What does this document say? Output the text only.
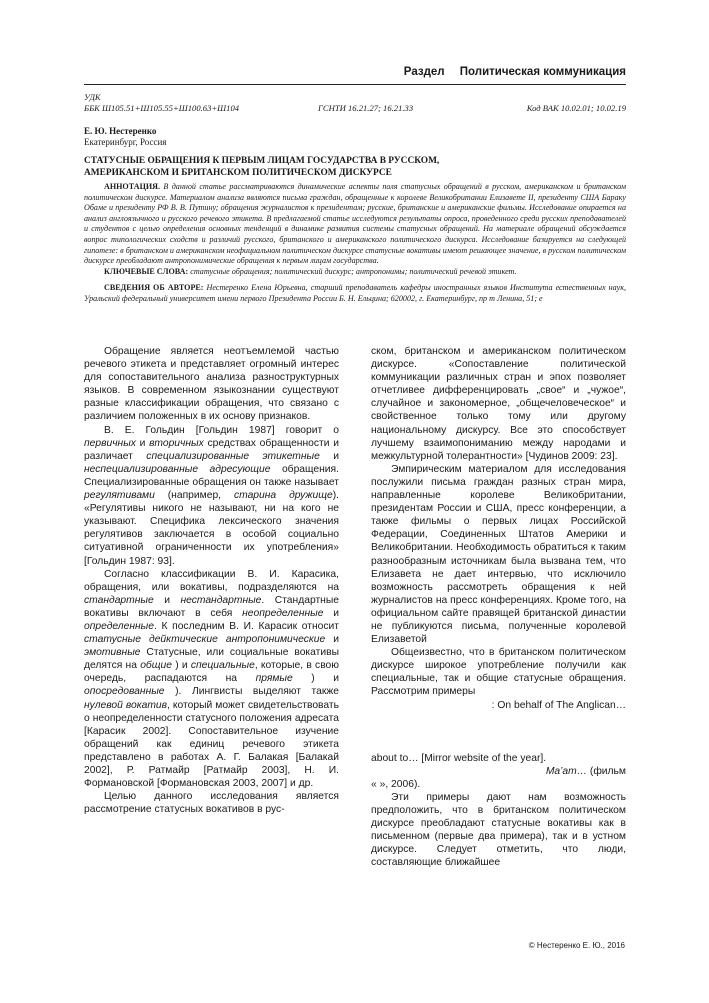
Раздел Политическая коммуникация
УДК
ББК Ш105.51+Ш105.55+Ш100.63+Ш104	ГСНТИ 16.21.27; 16.21.33	Код ВАК 10.02.01; 10.02.19
Е. Ю. Нестеренко
Екатеринбург, Россия
СТАТУСНЫЕ ОБРАЩЕНИЯ К ПЕРВЫМ ЛИЦАМ ГОСУДАРСТВА В РУССКОМ,
АМЕРИКАНСКОМ И БРИТАНСКОМ ПОЛИТИЧЕСКОМ ДИСКУРСЕ

АННОТАЦИЯ. В данной статье рассматриваются динамические аспекты поля статусных обращений в русском, американском и британском политическом дискурсе. Материалом анализа являются письма граждан, обращенные к королеве Великобритании Елизавете II, президенту США Бараку Обаме и президенту РФ В. В. Путину; обращения журналистов к президентам; русские, британские и американские фильмы. Исследование опирается на анализ англоязычного и русского речевого этикета. В предлагаемой статье исследуются результаты опроса, проведенного среди русских преподавателей и студентов с целью определения основных тенденций в динамике развития системы статусных обращений. На материале обращений обсуждается вопрос типологических сходств и различий русского, британского и американского политического дискурса. Исследование базируется на следующей гипотезе: в британском и американском неофициальном политическом дискурсе статусные вокативы имеют решающее значение, в русском политическом дискурсе преобладают антропонимические обращения к первым лицам государства.

КЛЮЧЕВЫЕ СЛОВА: статусные обращения; политический дискурс; антропонимы; политический речевой этикет.

СВЕДЕНИЯ ОБ АВТОРЕ: Нестеренко Елена Юрьевна, старший преподаватель кафедры иностранных языков Института естественных наук, Уральский федеральный университет имени первого Президента России Б. Н. Ельцина; 620002, г. Екатеринбург, пр т Ленина, 51; e

Обращение является неотъемлемой частью речевого этикета и представляет огромный интерес для сопоставительного анализа разноструктурных языков. В современном языкознании существуют разные классификации обращения, что связано с различием положенных в их основу признаков.

В. Е. Гольдин [Гольдин 1987] говорит о первичных и вторичных средствах обращенности и различает специализированные этикетные и неспециализированные адресующие обращения. Специализированные обращения он также называет регулятивами (например, старина дружище). «Регулятивы никого не называют, ни на кого не указывают. Специфика лексического значения регулятивов заключается в особой социально ситуативной ограниченности их употребления» [Гольдин 1987: 93].

Согласно классификации В. И. Карасика, обращения, или вокативы, подразделяются на стандартные и нестандартные. Стандартные вокативы включают в себя неопределенные и определенные. К последним В. И. Карасик относит статусные дейктические антропонимические и эмотивные Статусные, или социальные вокативы делятся на общие ) и специальные, которые, в свою очередь, распадаются на прямые ) и опосредованные ). Лингвисты выделяют также нулевой вокатив, который может свидетельствовать о неопределенности статусного положения адресата [Карасик 2002]. Сопоставительное изучение обращений как единиц речевого этикета представлено в работах А. Г. Балакая [Балакай 2002], Р. Ратмайр [Ратмайр 2003], Н. И. Формановской [Формановская 2003, 2007] и др.

Целью данного исследования является рассмотрение статусных вокативов в рус-

ском, британском и американском политическом дискурсе. «Сопоставление политической коммуникации различных стран и эпох позволяет отчетливее дифференцировать „свое“ и „чужое“, случайное и закономерное, „общечеловеческое“ и свойственное только тому или другому национальному дискурсу. Все это способствует лучшему взаимопониманию между народами и межкультурной толерантности» [Чудинов 2009: 23].

Эмпирическим материалом для исследования послужили письма граждан разных стран мира, направленные королеве Великобритании, президентам России и США, пресс конференции, а также фильмы о первых лицах Российской Федерации, Соединенных Штатов Америки и Великобритании. Необходимость обратиться к таким разнообразным источникам была вызвана тем, что Елизавета не дает интервью, что исключило возможность рассмотреть обращения к ней журналистов на пресс конференциях. Кроме того, на официальном сайте правящей британской династии не публикуются письма, полученные королевой Елизаветой

Общеизвестно, что в британском политическом дискурсе широкое употребление получили как специальные, так и общие статусные обращения. Рассмотрим примеры

: On behalf of The Anglican…

about to… [Mirror website of the year].

Ma’am… (фильм

« », 2006).

Эти примеры дают нам возможность предположить, что в британском политическом дискурсе преобладают статусные вокативы как в письменном (первые два примера), так и в устном дискурсе. Следует отметить, что люди, составляющие ближайшее

© Нестеренко Е. Ю., 2016
